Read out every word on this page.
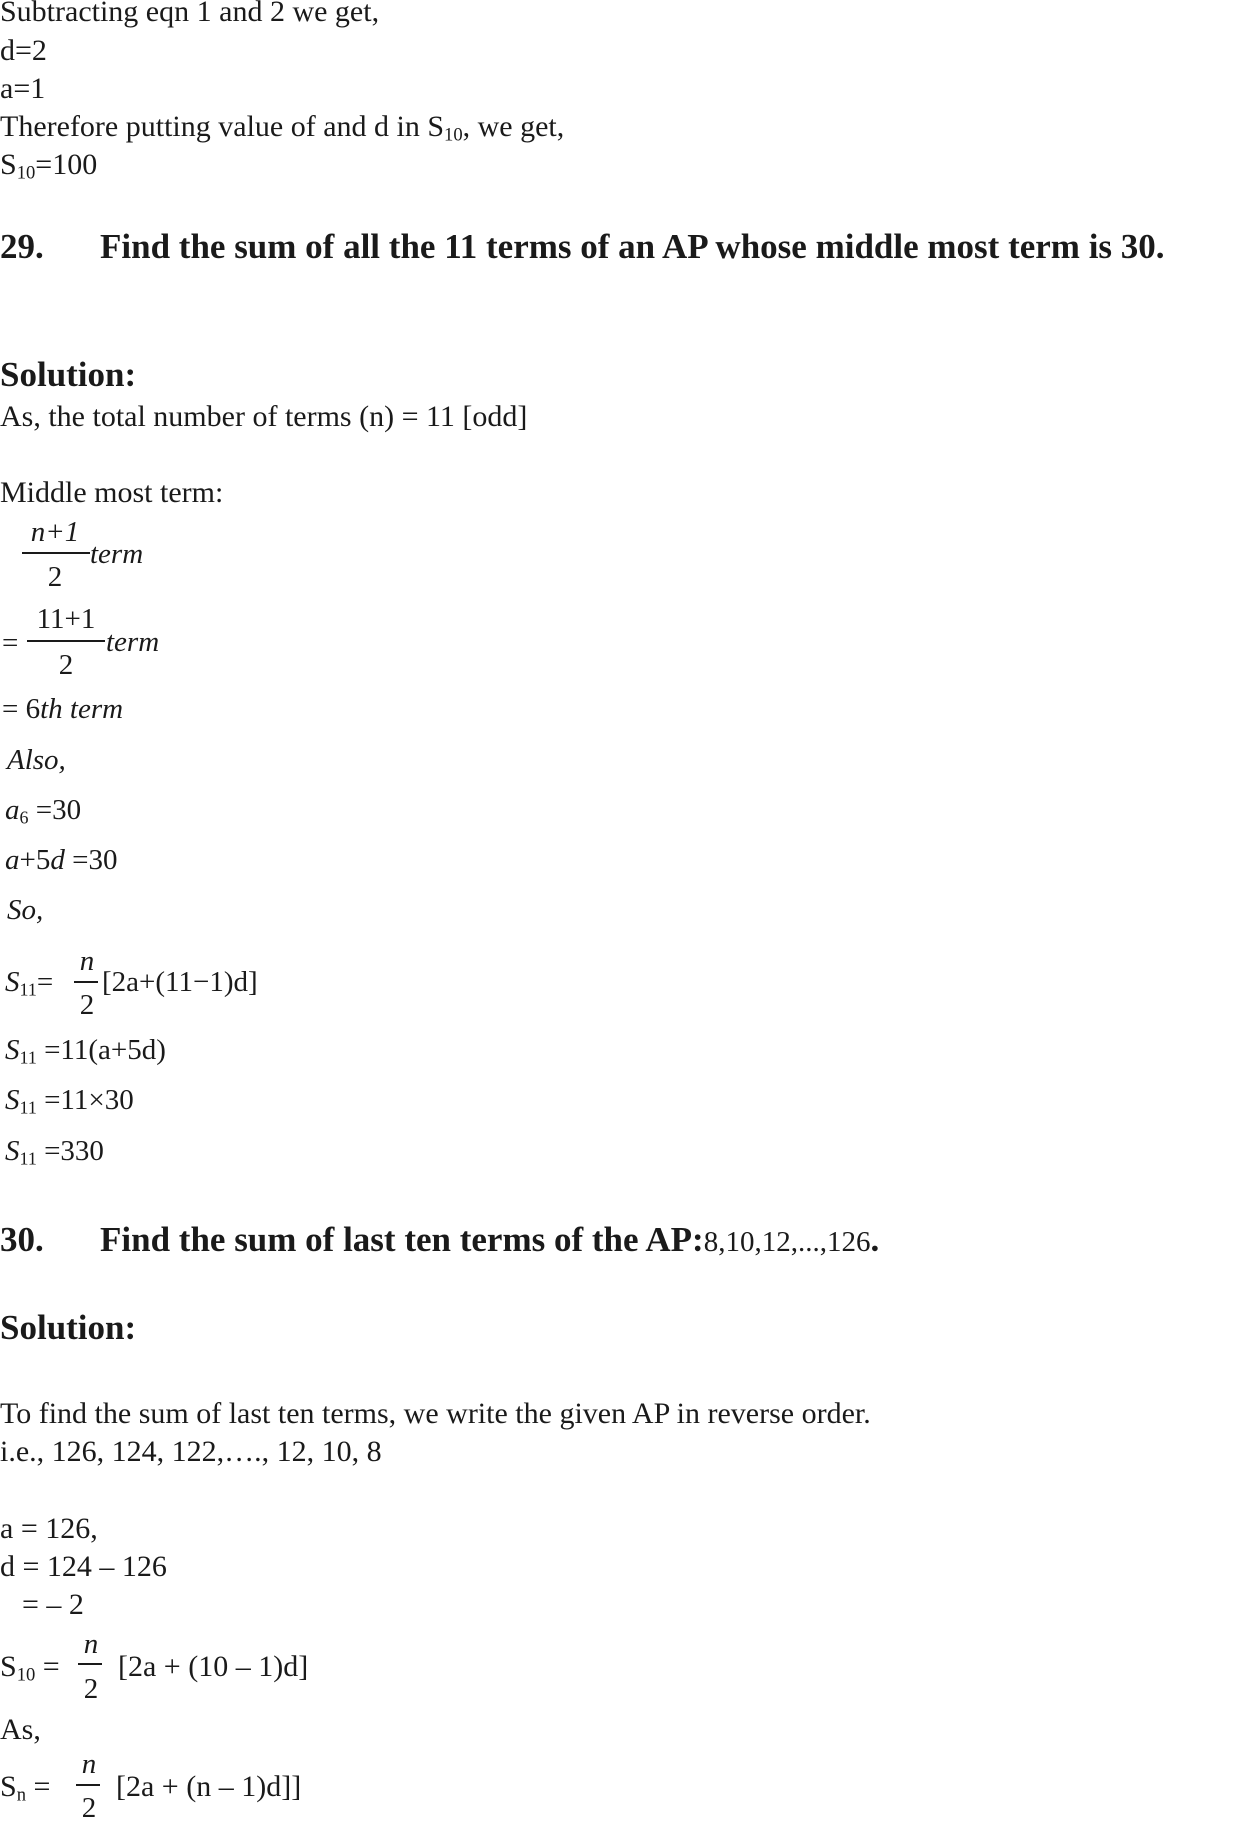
Subtracting eqn 1 and 2 we get,
d=2
a=1
Therefore putting value of and d in $S_{10}$, we get,
$S_{10}=100$
29. Find the sum of all the 11 terms of an AP whose middle most term is 30.
Solution:
As, the total number of terms (n) = 11 [odd]
Middle most term:
n+1
2
term
=
11+1
2
term
= 6th term
Also,
$a_6 =30$
a+5d =30
So,
$S_{11}=$
n
2
[2a+(11−1)d]
$S_{11} =11(a+5d)$
$S_{11} =11\times 30$
$S_{11} =330$
30. Find the sum of last ten terms of the AP:8,10,12,...,126.
Solution:
To find the sum of last ten terms, we write the given AP in reverse order.
i.e., 126, 124, 122,…., 12, 10, 8
a = 126,
d = 124 – 126
= – 2
$S_{10}$ =
n
2
[2a + (10 – 1)d]
As,
$S_n$ =
n
2
[2a + (n – 1)d]]
